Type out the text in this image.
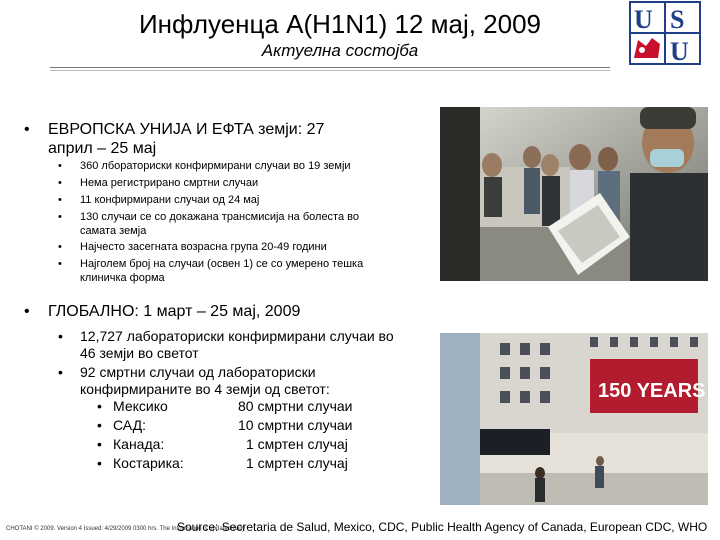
Инфлуенца A(H1N1) 12 мај, 2009
Актуелна состојба
U S
U
150 YEARS
• ЕВРОПСКА УНИЈА И ЕФТА земји: 27
април – 25 мај
• 360 лбораториски конфирмирани случаи во 19 земји
• Нема регистрирано смртни случаи
• 11 конфирмирани случаи од 24 мај
• 130 случаи се со докажана трансмисија на болеста во
самата земја
• Најчесто засегната возрасна група 20-49 години
• Најголем број на случаи (освен 1) се со умерено тешка
клиничка форма
• ГЛОБАЛНО: 1 март – 25 мај, 2009
• 12,727 лабораториски конфирмирани случаи во
46 земји во светот
• 92 смртни случаи од лабораториски
конфирмираните во 4 земји од светот:
• Мексико	80 смртни случаи
• САД:	10 смртни случаи
• Канада:	1 смртен случај
• Костарика:	1 смртен случај
CHOTANI © 2009. Version 4 Issued: 4/29/2009 0300 hrs. The Information is updated daily
Source: Secretaria de Salud, Mexico, CDC, Public Health Agency of Canada, European CDC, WHO
